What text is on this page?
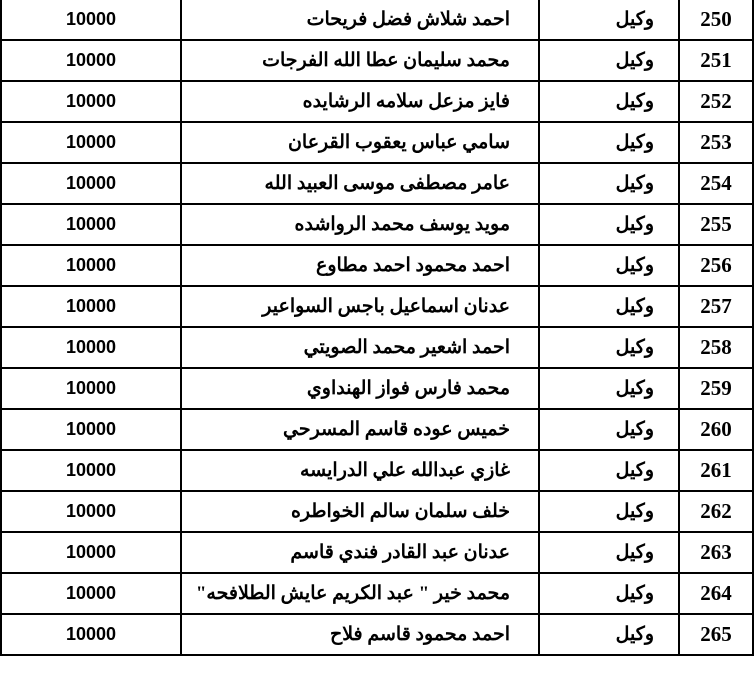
10000	احمد شلاش فضل فريحات	وكيل	250
10000	محمد سليمان عطا الله الفرجات	وكيل	251
10000	فايز مزعل سلامه الرشايده	وكيل	252
10000	سامي عباس يعقوب القرعان	وكيل	253
10000	عامر مصطفى موسى العبيد الله	وكيل	254
10000	مويد يوسف محمد الرواشده	وكيل	255
10000	احمد محمود احمد مطاوع	وكيل	256
10000	عدنان اسماعيل باجس السواعير	وكيل	257
10000	احمد اشعير محمد الصويتي	وكيل	258
10000	محمد فارس فواز الهنداوي	وكيل	259
10000	خميس عوده قاسم المسرحي	وكيل	260
10000	غازي عبدالله علي الدرايسه	وكيل	261
10000	خلف سلمان سالم الخواطره	وكيل	262
10000	عدنان عبد القادر فندي قاسم	وكيل	263
10000	محمد خير " عبد الكريم عايش الطلافحه"	وكيل	264
10000	احمد محمود قاسم فلاح	وكيل	265
